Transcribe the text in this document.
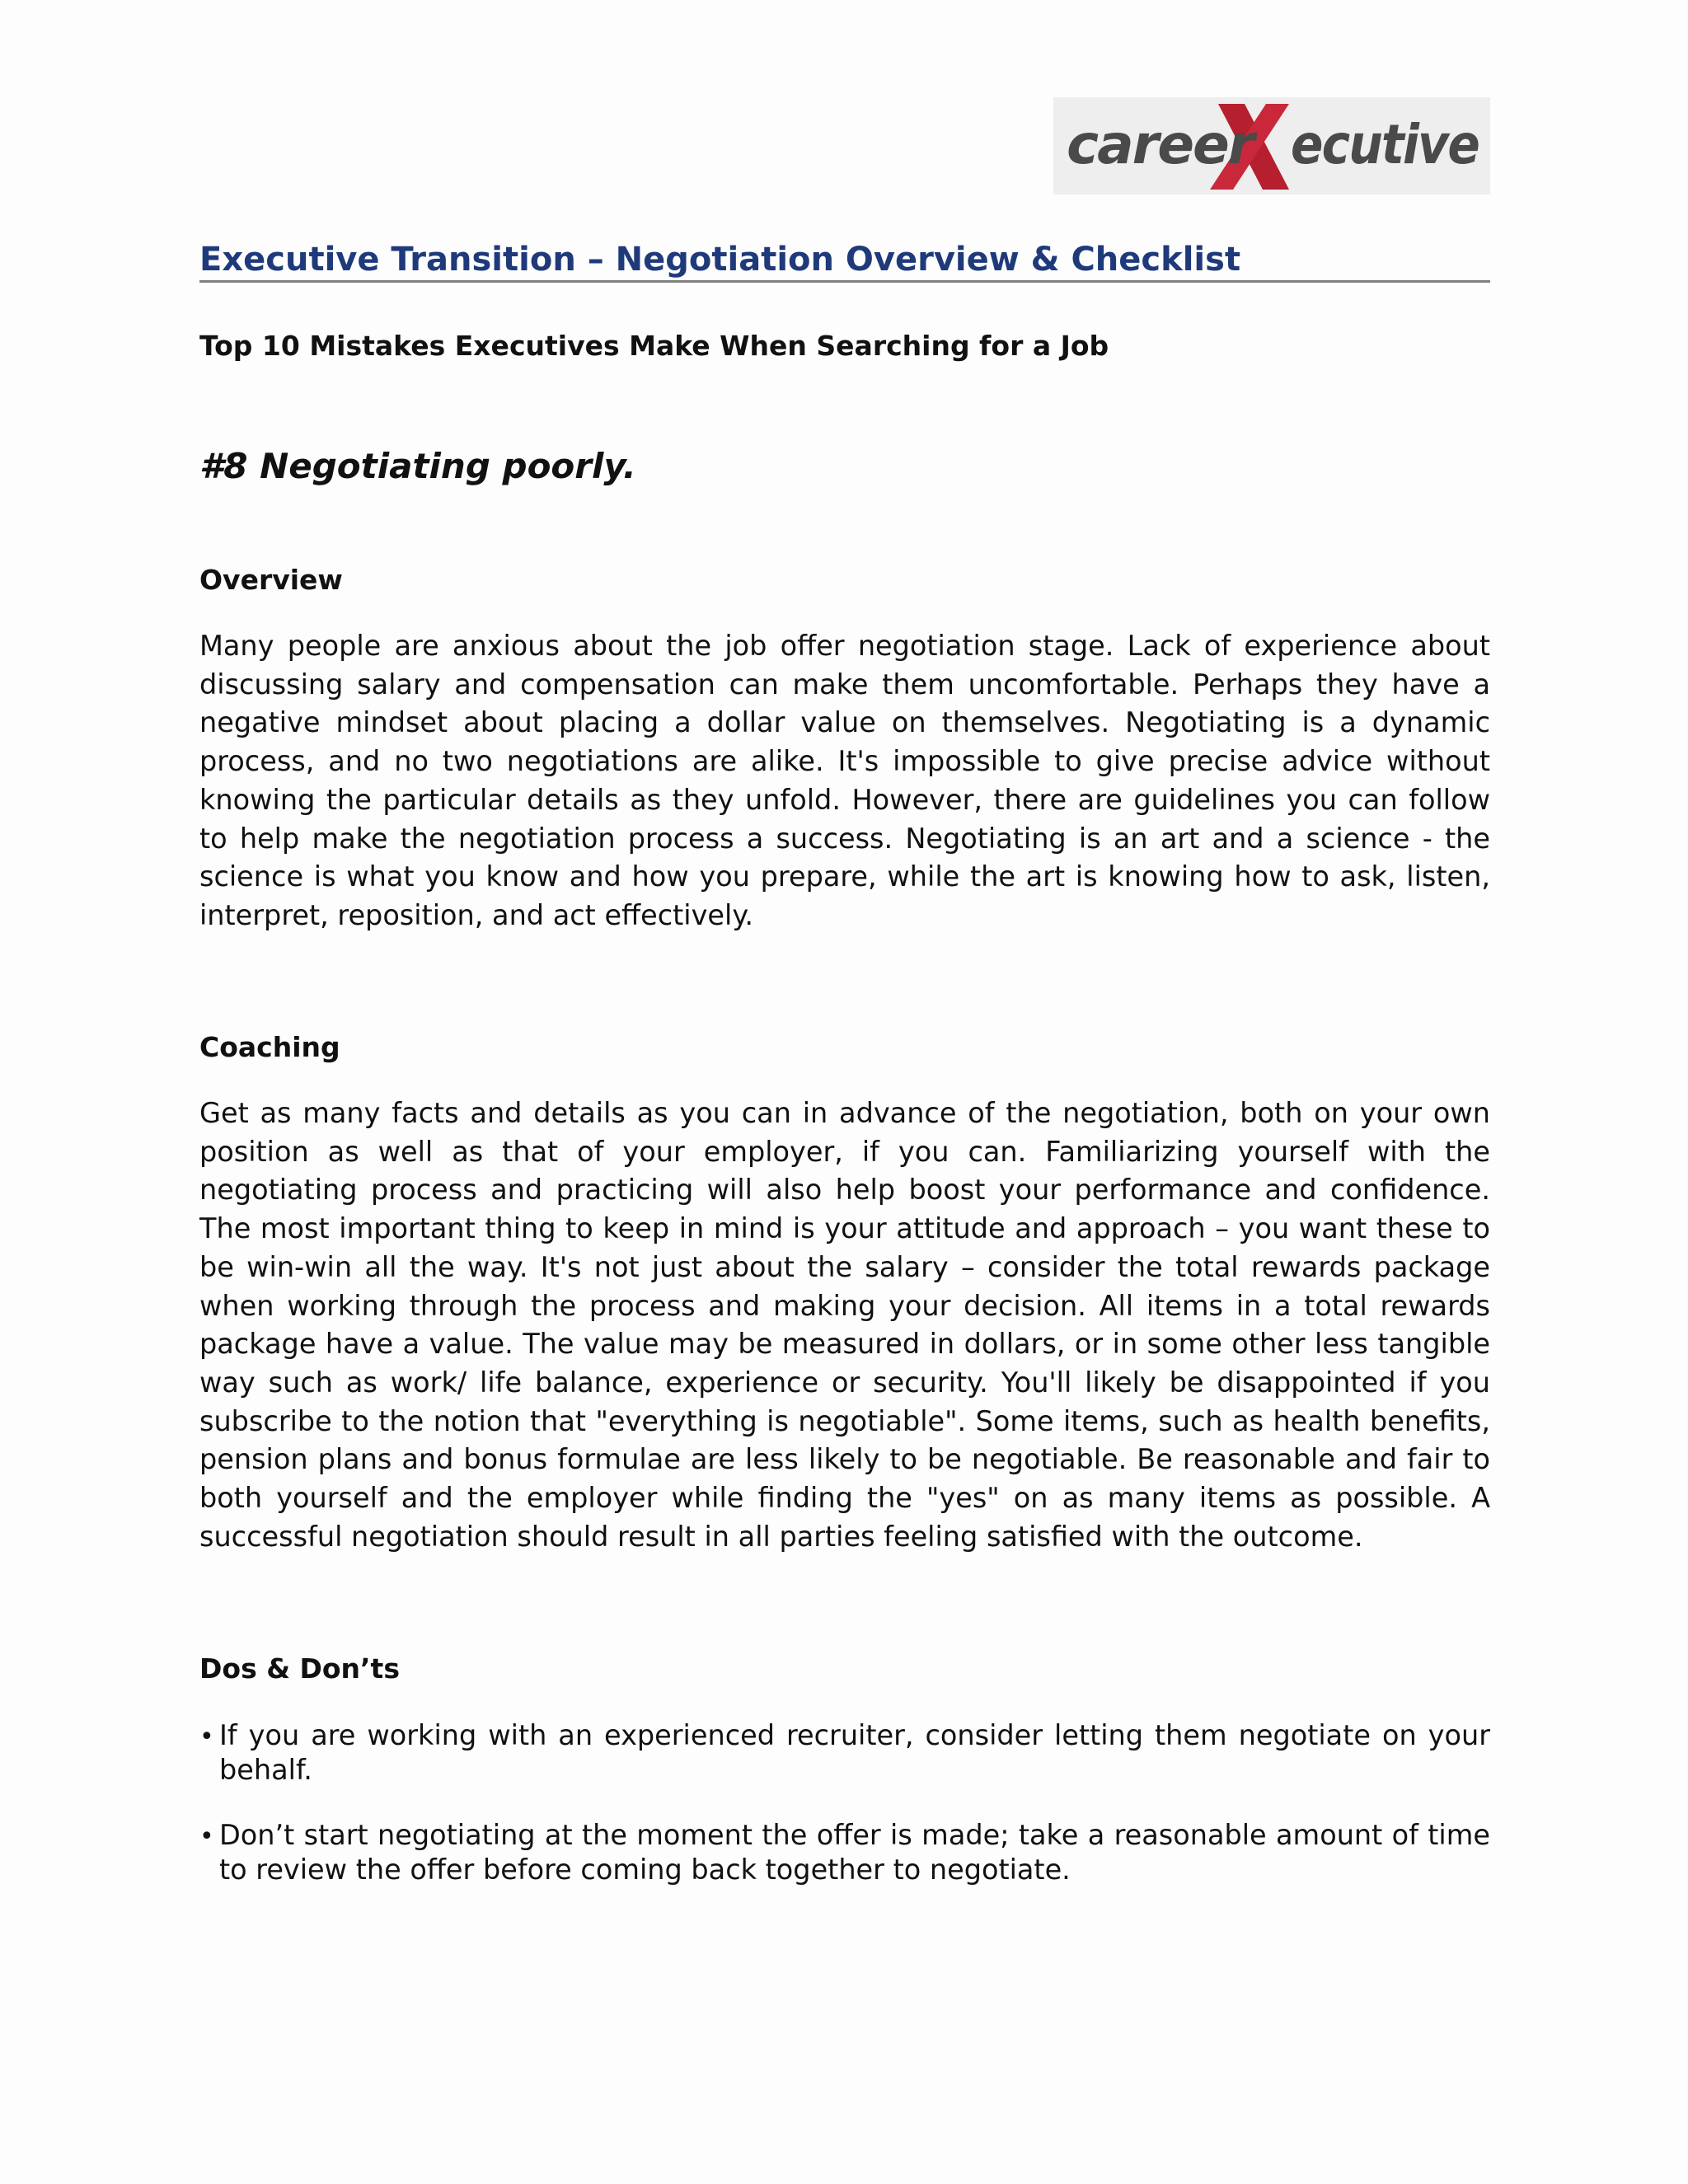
career ecutive
Executive Transition – Negotiation Overview & Checklist
Top 10 Mistakes Executives Make When Searching for a Job
#8 Negotiating poorly.
Overview
Many people are anxious about the job offer negotiation stage. Lack of experience about discussing salary and compensation can make them uncomfortable. Perhaps they have a negative mindset about placing a dollar value on themselves. Negotiating is a dynamic process, and no two negotiations are alike. It's impossible to give precise advice without knowing the particular details as they unfold. However, there are guidelines you can follow to help make the negotiation process a success. Negotiating is an art and a science - the science is what you know and how you prepare, while the art is knowing how to ask, listen, interpret, reposition, and act effectively.
Coaching
Get as many facts and details as you can in advance of the negotiation, both on your own position as well as that of your employer, if you can. Familiarizing yourself with the negotiating process and practicing will also help boost your performance and confidence. The most important thing to keep in mind is your attitude and approach – you want these to be win-win all the way. It's not just about the salary – consider the total rewards package when working through the process and making your decision. All items in a total rewards package have a value. The value may be measured in dollars, or in some other less tangible way such as work/ life balance, experience or security. You'll likely be disappointed if you subscribe to the notion that "everything is negotiable". Some items, such as health benefits, pension plans and bonus formulae are less likely to be negotiable. Be reasonable and fair to both yourself and the employer while finding the "yes" on as many items as possible. A successful negotiation should result in all parties feeling satisfied with the outcome.
Dos & Don’ts
• If you are working with an experienced recruiter, consider letting them negotiate on your behalf.
• Don’t start negotiating at the moment the offer is made; take a reasonable amount of time to review the offer before coming back together to negotiate.
